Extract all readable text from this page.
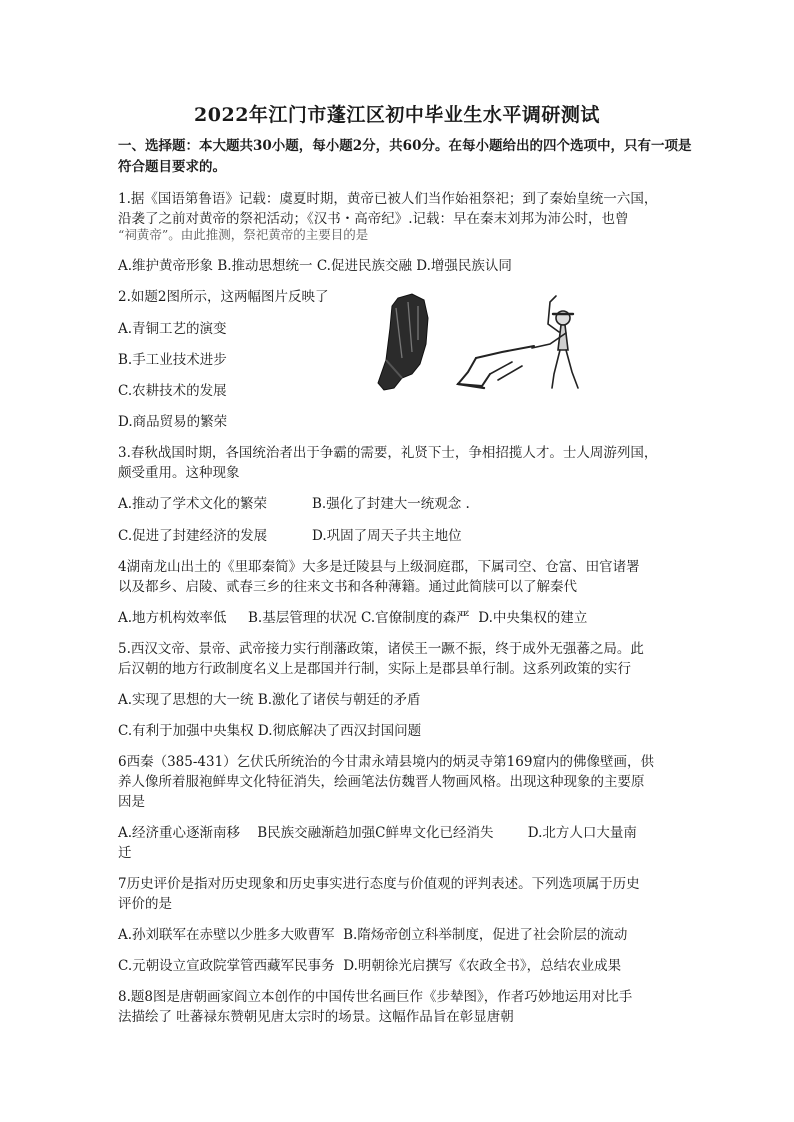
2022年江门市蓬江区初中毕业生水平调研测试
一、选择题：本大题共30小题，每小题2分，共60分。在每小题给出的四个选项中，只有一项是符合题目要求的。
1.据《国语第鲁语》记载：虞夏时期，黄帝已被人们当作始祖祭祀；到了秦始皇统一六国，
沿袭了之前对黄帝的祭祀活动；《汉书・高帝纪》.记载：早在秦末刘邦为沛公时，也曾
“祠黄帝”。由此推测，祭祀黄帝的主要目的是
A.维护黄帝形象 B.推动思想统一 C.促进民族交融 D.增强民族认同
2.如题2图所示，这两幅图片反映了
A.青铜工艺的演变
B.手工业技术进步
C.农耕技术的发展
D.商品贸易的繁荣
3.春秋战国时期，各国统治者出于争霸的需要，礼贤下士，争相招揽人才。士人周游列国，
颇受重用。这种现象
A.推动了学术文化的繁荣	B.强化了封建大一统观念 .
C.促进了封建经济的发展	D.巩固了周天子共主地位
4湖南龙山出土的《里耶秦简》大多是迁陵县与上级洞庭郡，下属司空、仓富、田官诸署
以及都乡、启陵、贰春三乡的往来文书和各种薄籍。通过此简牍可以了解秦代
A.地方机构效率低     B.基层管理的状况 C.官僚制度的森严  D.中央集权的建立
5.西汉文帝、景帝、武帝接力实行削藩政策，诸侯王一蹶不振，终于成外无强蕃之局。此
后汉朝的地方行政制度名义上是郡国并行制，实际上是郡县单行制。这系列政策的实行
A.实现了思想的大一统 B.激化了诸侯与朝廷的矛盾
C.有利于加强中央集权 D.彻底解决了西汉封国问题
6西秦（385-431）乞伏氏所统治的今甘肃永靖县境内的炳灵寺第169窟内的佛像壁画，供
养人像所着服袍鲜卑文化特征消失，绘画笔法仿魏晋人物画风格。出现这种现象的主要原
因是
A.经济重心逐渐南移    B民族交融渐趋加强C鲜卑文化已经消失        D.北方人口大量南
迁
7历史评价是指对历史现象和历史事实进行态度与价值观的评判表述。下列选项属于历史
评价的是
A.孙刘联军在赤壁以少胜多大败曹军  B.隋炀帝创立科举制度，促进了社会阶层的流动
C.元朝设立宣政院掌管西藏军民事务  D.明朝徐光启撰写《农政全书》，总结农业成果
8.题8图是唐朝画家阎立本创作的中国传世名画巨作《步辇图》，作者巧妙地运用对比手
法描绘了 吐蕃禄东赞朝见唐太宗时的场景。这幅作品旨在彰显唐朝
